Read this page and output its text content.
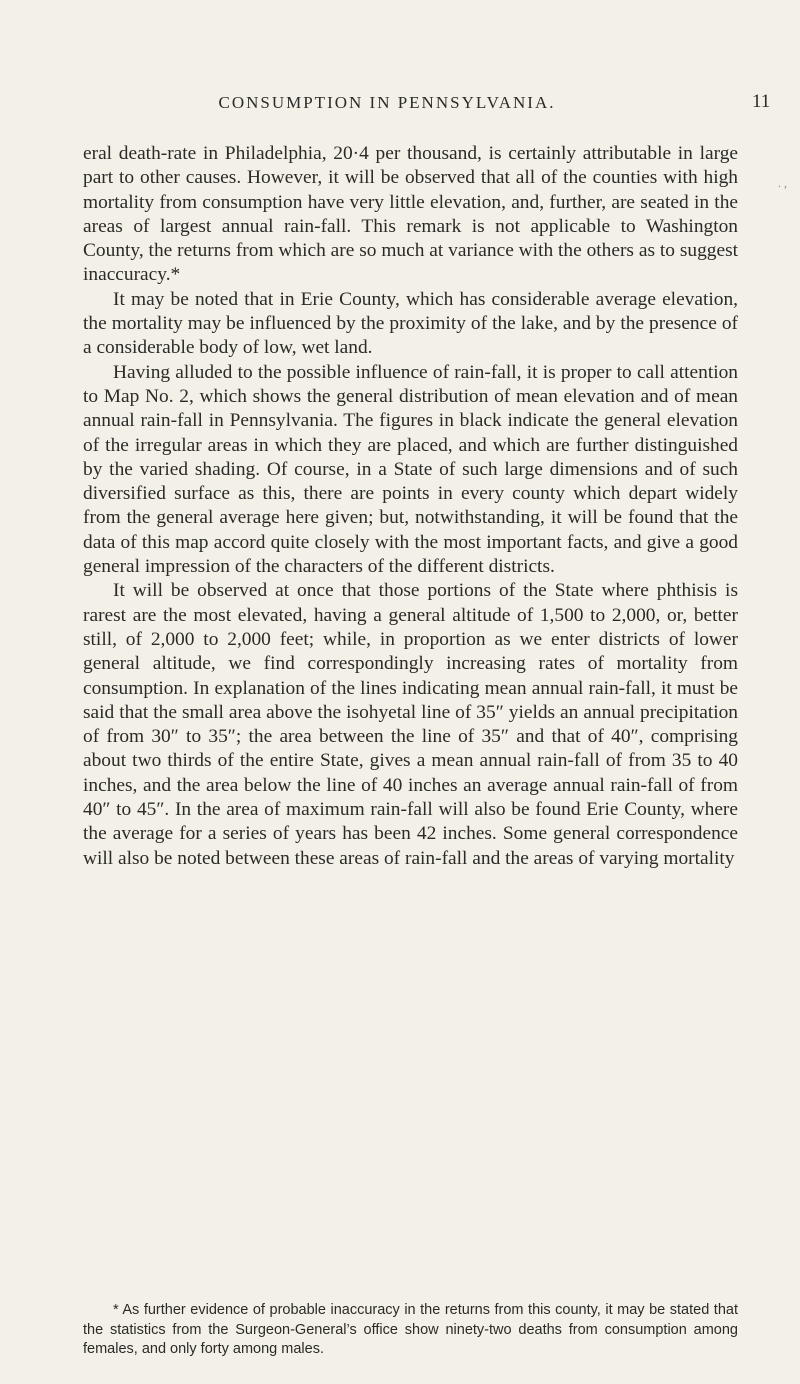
CONSUMPTION IN PENNSYLVANIA.	11
. ,

eral death-rate in Philadelphia, 20·4 per thousand, is certainly attributable in large part to other causes. However, it will be observed that all of the counties with high mortality from consumption have very little elevation, and, further, are seated in the areas of largest annual rain-fall. This remark is not applicable to Washington County, the returns from which are so much at variance with the others as to suggest inaccuracy.*

It may be noted that in Erie County, which has considerable average elevation, the mortality may be influenced by the proximity of the lake, and by the presence of a considerable body of low, wet land.

Having alluded to the possible influence of rain-fall, it is proper to call attention to Map No. 2, which shows the general distribution of mean elevation and of mean annual rain-fall in Pennsylvania. The figures in black indicate the general elevation of the irregular areas in which they are placed, and which are further distinguished by the varied shading. Of course, in a State of such large dimensions and of such diversified surface as this, there are points in every county which depart widely from the general average here given; but, notwithstanding, it will be found that the data of this map accord quite closely with the most important facts, and give a good general impression of the characters of the different districts.

It will be observed at once that those portions of the State where phthisis is rarest are the most elevated, having a general altitude of 1,500 to 2,000, or, better still, of 2,000 to 2,000 feet; while, in proportion as we enter districts of lower general altitude, we find correspondingly increasing rates of mortality from consumption. In explanation of the lines indicating mean annual rain-fall, it must be said that the small area above the isohyetal line of 35″ yields an annual precipitation of from 30″ to 35″; the area between the line of 35″ and that of 40″, comprising about two thirds of the entire State, gives a mean annual rain-fall of from 35 to 40 inches, and the area below the line of 40 inches an average annual rain-fall of from 40″ to 45″. In the area of maximum rain-fall will also be found Erie County, where the average for a series of years has been 42 inches. Some general correspondence will also be noted between these areas of rain-fall and the areas of varying mortality

* As further evidence of probable inaccuracy in the returns from this county, it may be stated that the statistics from the Surgeon-General’s office show ninety-two deaths from consumption among females, and only forty among males.
